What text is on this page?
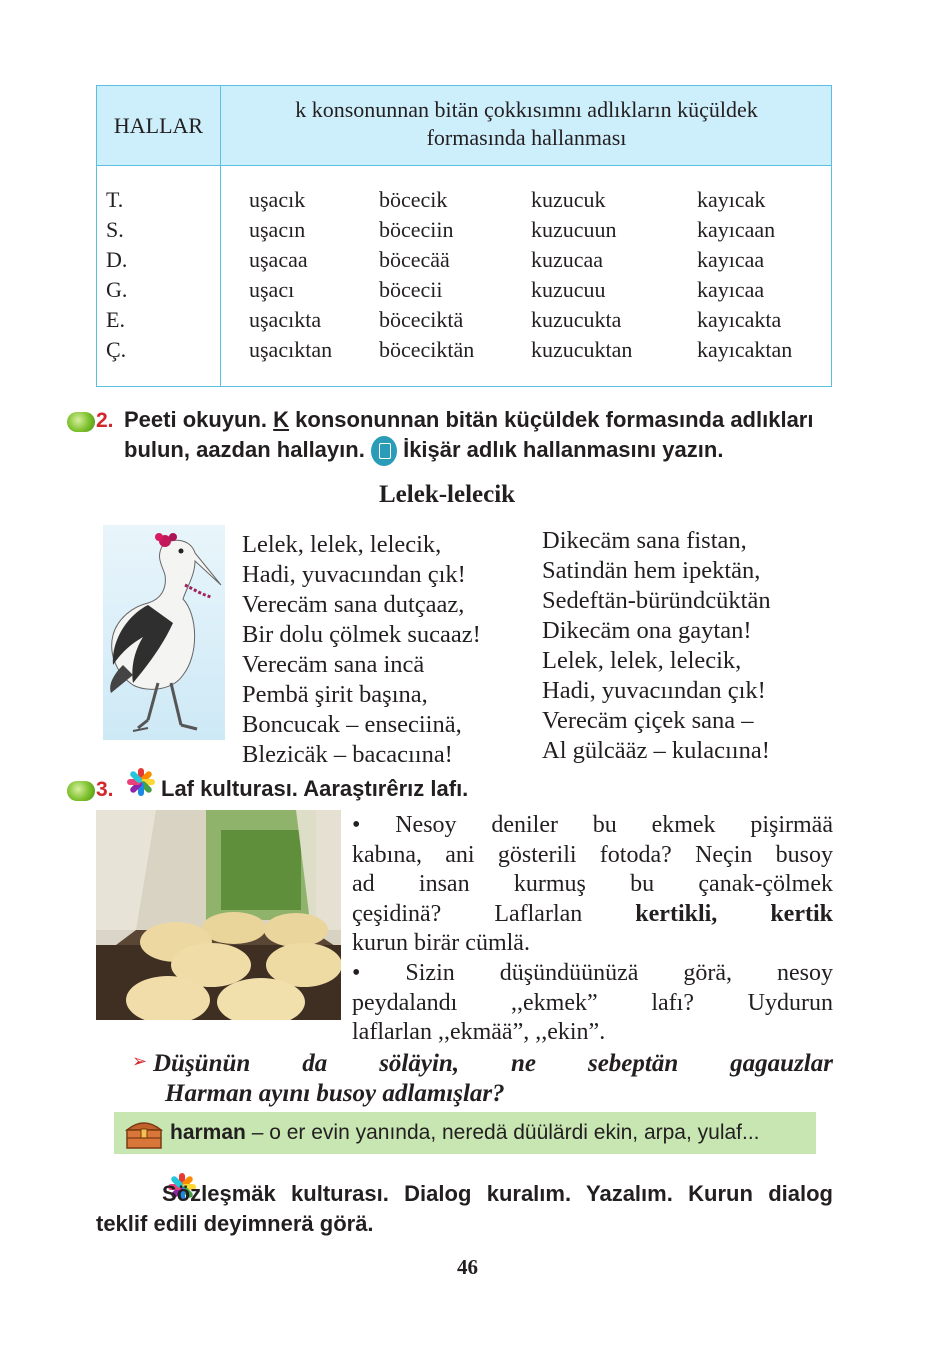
HALLAR
k konsonunnan bitän çokkısımnı adlıkların küçüldek
formasında hallanması
T.
S.
D.
G.
E.
Ç.
uşacık
uşacın
uşacaa
uşacı
uşacıkta
uşacıktan
böcecik
böceciin
böcecää
böcecii
böceciktä
böceciktän
kuzucuk
kuzucuun
kuzucaa
kuzucuu
kuzucukta
kuzucuktan
kayıcak
kayıcaan
kayıcaa
kayıcaa
kayıcakta
kayıcaktan
2. Peeti okuyun. K konsonunnan bitän küçüldek formasında adlıkları
bulun, aazdan hallayın. İkişär adlık hallanmasını yazın.
Lelek-lelecik
Lelek, lelek, lelecik,
Hadi, yuvacıından çık!
Verecäm sana dutçaaz,
Bir dolu çölmek sucaaz!
Verecäm sana incä
Pembä şirit başına,
Boncucak – enseciinä,
Blezicäk – bacacıına!
Dikecäm sana fistan,
Satindän hem ipektän,
Sedeftän-büründcüktän
Dikecäm ona gaytan!
Lelek, lelek, lelecik,
Hadi, yuvacıından çık!
Verecäm çiçek sana –
Al gülcääz – kulacıına!
3.
Laf kulturası. Aaraştırêrız lafı.
• Nesoy deniler bu ekmek pişirmää
kabına, ani gösterili fotoda? Neçin busoy
ad insan kurmuş bu çanak-çölmek
çeşidinä? Laflarlan kertikli, kertik
kurun birär cümlä.
• Sizin düşündüünüzä görä, nesoy
peydalandı ,,ekmek” lafı? Uydurun
laflarlan ,,ekmää”, ,,ekin”.
➢ Düşünün da söläyin, ne sebeptän gagauzlar
Harman ayını busoy adlamışlar?
harman – o er evin yanında, neredä düülärdi ekin, arpa, yulaf...
Sözleşmäk kulturası. Dialog kuralım. Yazalım. Kurun dialog
teklif edili deyimnerä görä.
46
